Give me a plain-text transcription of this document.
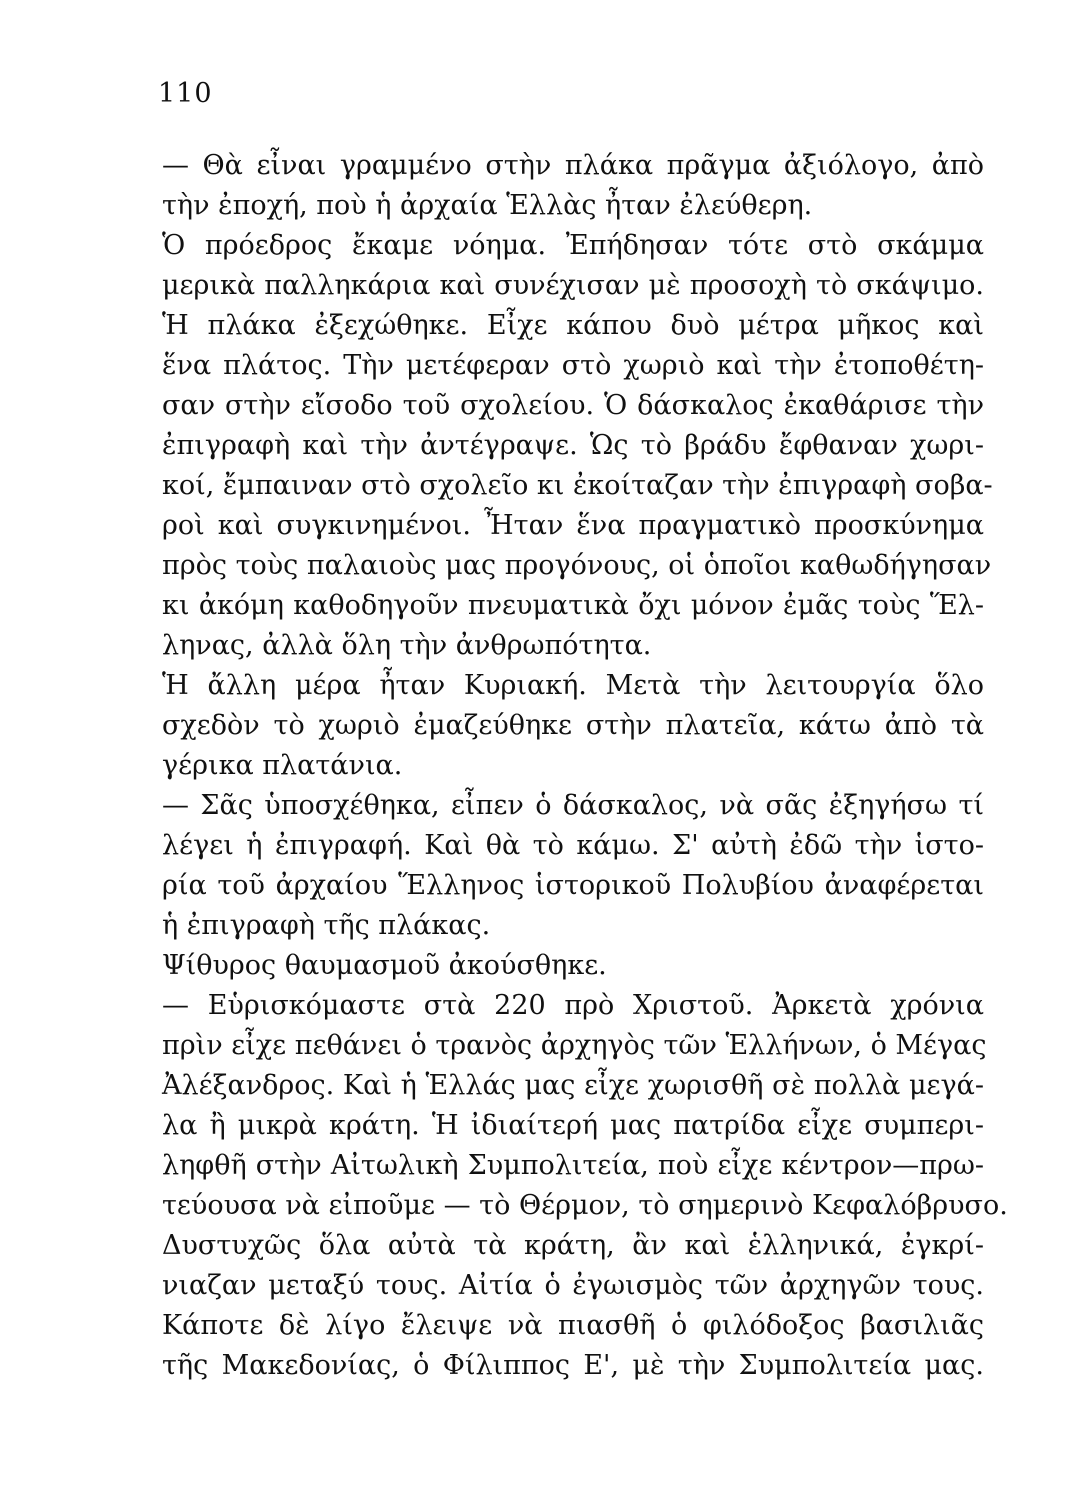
110
— Θὰ εἶναι γραμμένο στὴν πλάκα πρᾶγμα ἀξιόλογο, ἀπὸ
τὴν ἐποχή, ποὺ ἡ ἀρχαία Ἑλλὰς ἦταν ἐλεύθερη.
Ὁ πρόεδρος ἔκαμε νόημα. Ἐπήδησαν τότε στὸ σκάμμα
μερικὰ παλληκάρια καὶ συνέχισαν μὲ προσοχὴ τὸ σκάψιμο.
Ἡ πλάκα ἐξεχώθηκε. Εἶχε κάπου δυὸ μέτρα μῆκος καὶ
ἕνα πλάτος. Τὴν μετέφεραν στὸ χωριὸ καὶ τὴν ἐτοποθέτη-
σαν στὴν εἴσοδο τοῦ σχολείου. Ὁ δάσκαλος ἐκαθάρισε τὴν
ἐπιγραφὴ καὶ τὴν ἀντέγραψε. Ὡς τὸ βράδυ ἔφθαναν χωρι-
κοί, ἔμπαιναν στὸ σχολεῖο κι ἐκοίταζαν τὴν ἐπιγραφὴ σοβα-
ροὶ καὶ συγκινημένοι. Ἦταν ἕνα πραγματικὸ προσκύνημα
πρὸς τοὺς παλαιοὺς μας προγόνους, οἱ ὁποῖοι καθωδήγησαν
κι ἀκόμη καθοδηγοῦν πνευματικὰ ὄχι μόνον ἐμᾶς τοὺς Ἕλ-
ληνας, ἀλλὰ ὅλη τὴν ἀνθρωπότητα.
Ἡ ἄλλη μέρα ἦταν Κυριακή. Μετὰ τὴν λειτουργία ὅλο
σχεδὸν τὸ χωριὸ ἐμαζεύθηκε στὴν πλατεῖα, κάτω ἀπὸ τὰ
γέρικα πλατάνια.
— Σᾶς ὑποσχέθηκα, εἶπεν ὁ δάσκαλος, νὰ σᾶς ἐξηγήσω τί
λέγει ἡ ἐπιγραφή. Καὶ θὰ τὸ κάμω. Σ' αὐτὴ ἐδῶ τὴν ἱστο-
ρία τοῦ ἀρχαίου Ἕλληνος ἱστορικοῦ Πολυβίου ἀναφέρεται
ἡ ἐπιγραφὴ τῆς πλάκας.
Ψίθυρος θαυμασμοῦ ἀκούσθηκε.
— Εὑρισκόμαστε στὰ 220 πρὸ Χριστοῦ. Ἀρκετὰ χρόνια
πρὶν εἶχε πεθάνει ὁ τρανὸς ἀρχηγὸς τῶν Ἑλλήνων, ὁ Μέγας
Ἀλέξανδρος. Καὶ ἡ Ἑλλάς μας εἶχε χωρισθῆ σὲ πολλὰ μεγά-
λα ἢ μικρὰ κράτη. Ἡ ἰδιαίτερή μας πατρίδα εἶχε συμπερι-
ληφθῆ στὴν Αἰτωλικὴ Συμπολιτεία, ποὺ εἶχε κέντρον—πρω-
τεύουσα νὰ εἰποῦμε — τὸ Θέρμον, τὸ σημερινὸ Κεφαλόβρυσο.
Δυστυχῶς ὅλα αὐτὰ τὰ κράτη, ἂν καὶ ἑλληνικά, ἐγκρί-
νιαζαν μεταξύ τους. Αἰτία ὁ ἐγωισμὸς τῶν ἀρχηγῶν τους.
Κάποτε δὲ λίγο ἔλειψε νὰ πιασθῆ ὁ φιλόδοξος βασιλιᾶς
τῆς Μακεδονίας, ὁ Φίλιππος Ε', μὲ τὴν Συμπολιτεία μας.
